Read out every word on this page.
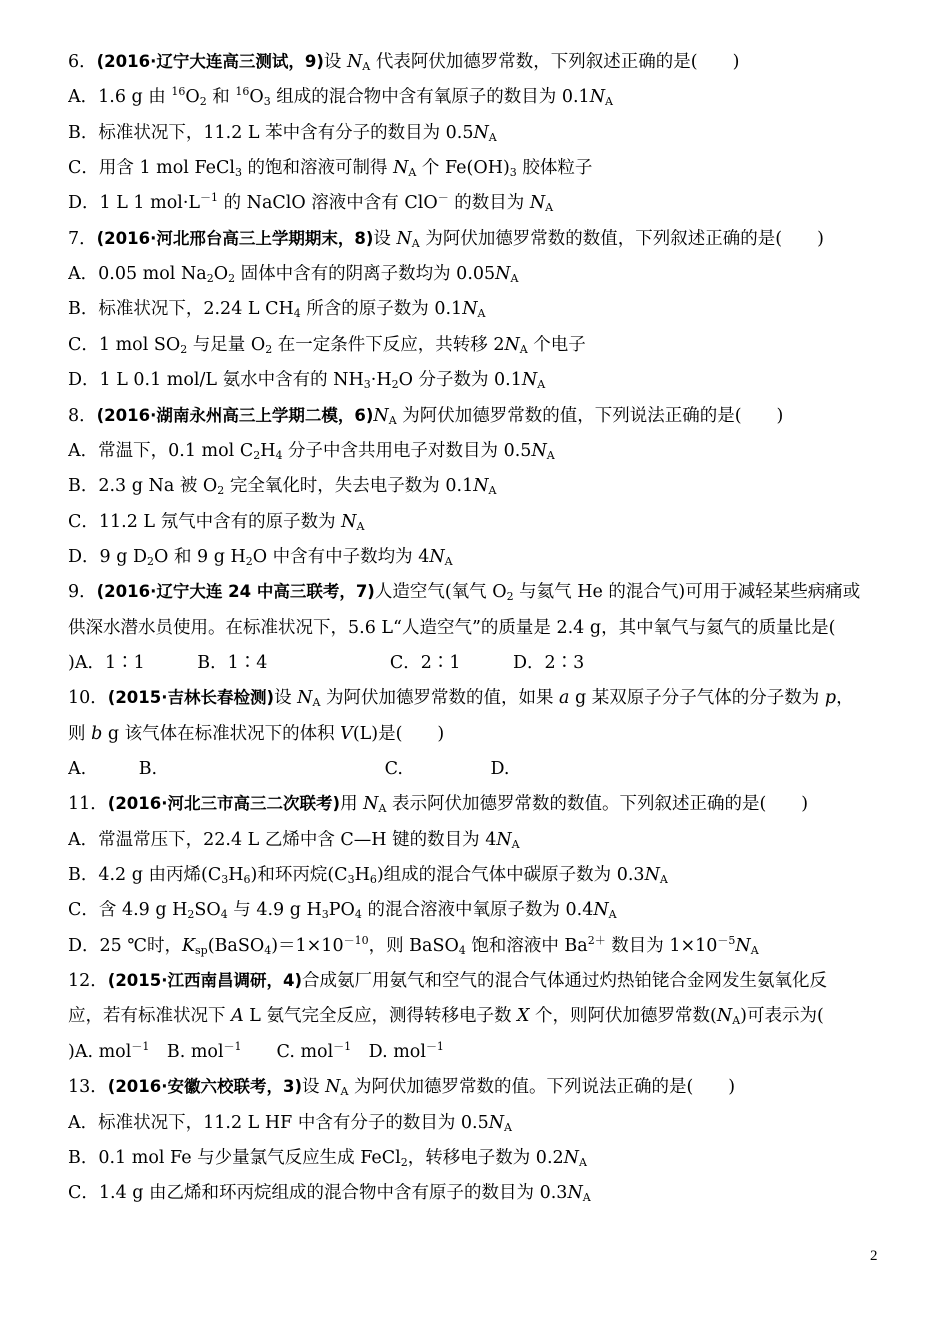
6．(2016·辽宁大连高三测试，9)设 $N_A$ 代表阿伏加德罗常数，下列叙述正确的是(　　)
A．1.6 g 由 $^{16}O_2$ 和 $^{16}O_3$ 组成的混合物中含有氧原子的数目为 $0.1N_A$
B．标准状况下，11.2 L 苯中含有分子的数目为 $0.5N_A$
C．用含 1 mol FeCl$_3$ 的饱和溶液可制得 $N_A$ 个 $Fe(OH)_3$ 胶体粒子
D．1 L 1 $mol\cdot L^{-1}$ 的 NaClO 溶液中含有 ClO－ 的数目为 $N_A$
7．(2016·河北邢台高三上学期期末，8)设 $N_A$ 为阿伏加德罗常数的数值，下列叙述正确的是(　　)
A．0.05 mol $Na_2O_2$ 固体中含有的阴离子数均为 $0.05N_A$
B．标准状况下，2.24 L $CH_4$ 所含的原子数为 $0.1N_A$
C．1 mol $SO_2$ 与足量 $O_2$ 在一定条件下反应，共转移 $2N_A$ 个电子
D．1 L 0.1 mol/L 氨水中含有的 $NH_3\cdot H_2O$ 分子数为 $0.1N_A$
8．(2016·湖南永州高三上学期二模，$6)N_A$ 为阿伏加德罗常数的值，下列说法正确的是(　　)
A．常温下，0.1 mol $C_2H_4$ 分子中含共用电子对数目为 $0.5N_A$
B．2.3 g Na 被 $O_2$ 完全氧化时，失去电子数为 $0.1N_A$
C．11.2 L 氖气中含有的原子数为 $N_A$
D．9 g $D_2O$ 和 9 g $H_2O$ 中含有中子数均为 $4N_A$
9．(2016·辽宁大连 24 中高三联考，7)人造空气(氧气 $O_2$ 与氦气 He 的混合气)可用于减轻某些病痛或
供深水潜水员使用。在标准状况下，5.6 L“人造空气”的质量是 2.4 g，其中氧气与氦气的质量比是(
)A．1∶1　　　B．1∶4　　　　　　　C．2∶1　　　D．2∶3
10．(2015·吉林长春检测)设 $N_A$ 为阿伏加德罗常数的值，如果 a g 某双原子分子气体的分子数为 p，
则 b g 该气体在标准状况下的体积 V(L)是(　　)
A.　　　B.　　　　　　　　　　　　　C.　　　　　D.
11．(2016·河北三市高三二次联考)用 $N_A$ 表示阿伏加德罗常数的数值。下列叙述正确的是(　　)
A．常温常压下，22.4 L 乙烯中含 C—H 键的数目为 $4N_A$
B．4.2 g 由丙烯$(C_3H_6)$和环丙烷$(C_3H_6)$组成的混合气体中碳原子数为 $0.3N_A$
C．含 4.9 g $H_2SO_4$ 与 4.9 g $H_3PO_4$ 的混合溶液中氧原子数为 $0.4N_A$
D．25 ℃时，$K_{sp}(BaSO_4)=1\times 10^{-10}$，则 BaSO$_4$ 饱和溶液中 $Ba^{2+}$ 数目为 $1\times 10^{-5}N_A$
12．(2015·江西南昌调研，4)合成氨厂用氨气和空气的混合气体通过灼热铂铑合金网发生氨氧化反
应，若有标准状况下 A L 氨气完全反应，测得转移电子数 X 个，则阿伏加德罗常数$(N_A)$可表示为(
)A. mol$^{-1}$　B. mol$^{-1}$　　C. mol$^{-1}$　D. mol$^{-1}$
13．(2016·安徽六校联考，3)设 $N_A$ 为阿伏加德罗常数的值。下列说法正确的是(　　)
A．标准状况下，11.2 L HF 中含有分子的数目为 $0.5N_A$
B．0.1 mol Fe 与少量氯气反应生成 FeCl$_2$，转移电子数为 $0.2N_A$
C．1.4 g 由乙烯和环丙烷组成的混合物中含有原子的数目为 $0.3N_A$
2
